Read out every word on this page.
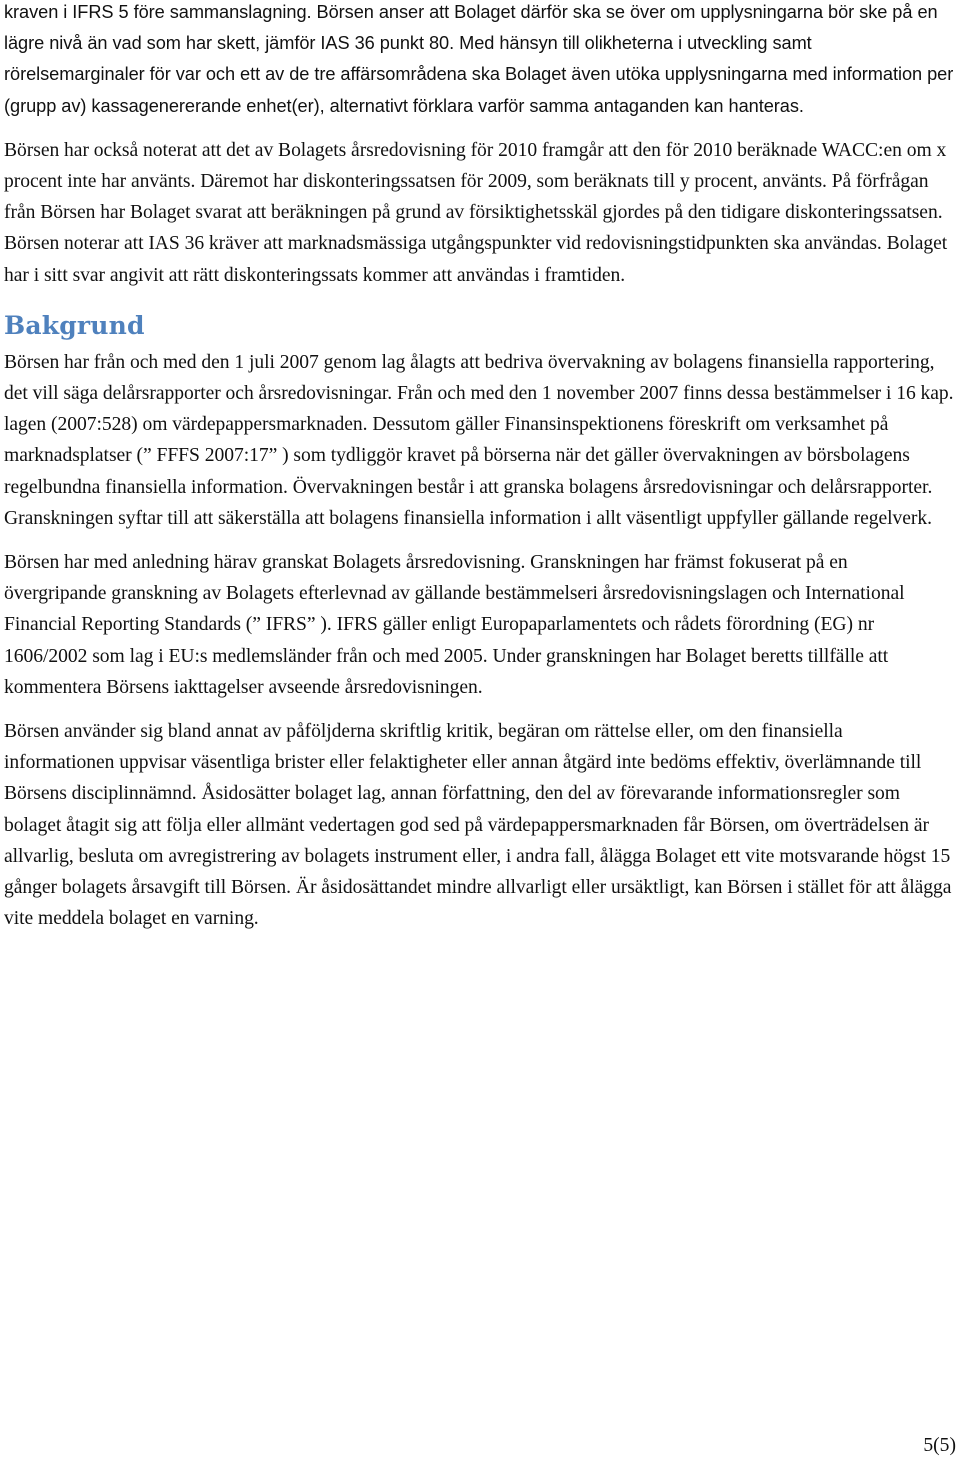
kraven i IFRS 5 före sammanslagning. Börsen anser att Bolaget därför ska se över om upplysningarna bör ske på en lägre nivå än vad som har skett, jämför IAS 36 punkt 80. Med hänsyn till olikheterna i utveckling samt rörelsemarginaler för var och ett av de tre affärsområdena ska Bolaget även utöka upplysningarna med information per (grupp av) kassagenererande enhet(er), alternativt förklara varför samma antaganden kan hanteras.

Börsen har också noterat att det av Bolagets årsredovisning för 2010 framgår att den för 2010 beräknade WACC:en om x procent inte har använts. Däremot har diskonteringssatsen för 2009, som beräknats till y procent, använts. På förfrågan från Börsen har Bolaget svarat att beräkningen på grund av försiktighetsskäl gjordes på den tidigare diskonteringssatsen. Börsen noterar att IAS 36 kräver att marknadsmässiga utgångspunkter vid redovisningstidpunkten ska användas. Bolaget har i sitt svar angivit att rätt diskonteringssats kommer att användas i framtiden.

Bakgrund

Börsen har från och med den 1 juli 2007 genom lag ålagts att bedriva övervakning av bolagens finansiella rapportering, det vill säga delårsrapporter och årsredovisningar. Från och med den 1 november 2007 finns dessa bestämmelser i 16 kap. lagen (2007:528) om värdepappersmarknaden. Dessutom gäller Finansinspektionens föreskrift om verksamhet på marknadsplatser (” FFFS 2007:17” ) som tydliggör kravet på börserna när det gäller övervakningen av börsbolagens regelbundna finansiella information. Övervakningen består i att granska bolagens årsredovisningar och delårsrapporter. Granskningen syftar till att säkerställa att bolagens finansiella information i allt väsentligt uppfyller gällande regelverk.

Börsen har med anledning härav granskat Bolagets årsredovisning. Granskningen har främst fokuserat på en övergripande granskning av Bolagets efterlevnad av gällande bestämmelseri årsredovisningslagen och International Financial Reporting Standards (” IFRS” ). IFRS gäller enligt Europaparlamentets och rådets förordning (EG) nr 1606/2002 som lag i EU:s medlemsländer från och med 2005. Under granskningen har Bolaget beretts tillfälle att kommentera Börsens iakttagelser avseende årsredovisningen.

Börsen använder sig bland annat av påföljderna skriftlig kritik, begäran om rättelse eller, om den finansiella informationen uppvisar väsentliga brister eller felaktigheter eller annan åtgärd inte bedöms effektiv, överlämnande till Börsens disciplinnämnd. Åsidosätter bolaget lag, annan författning, den del av förevarande informationsregler som bolaget åtagit sig att följa eller allmänt vedertagen god sed på värdepappersmarknaden får Börsen, om överträdelsen är allvarlig, besluta om avregistrering av bolagets instrument eller, i andra fall, ålägga Bolaget ett vite motsvarande högst 15 gånger bolagets årsavgift till Börsen. Är åsidosättandet mindre allvarligt eller ursäktligt, kan Börsen i stället för att ålägga vite meddela bolaget en varning.

5(5)
